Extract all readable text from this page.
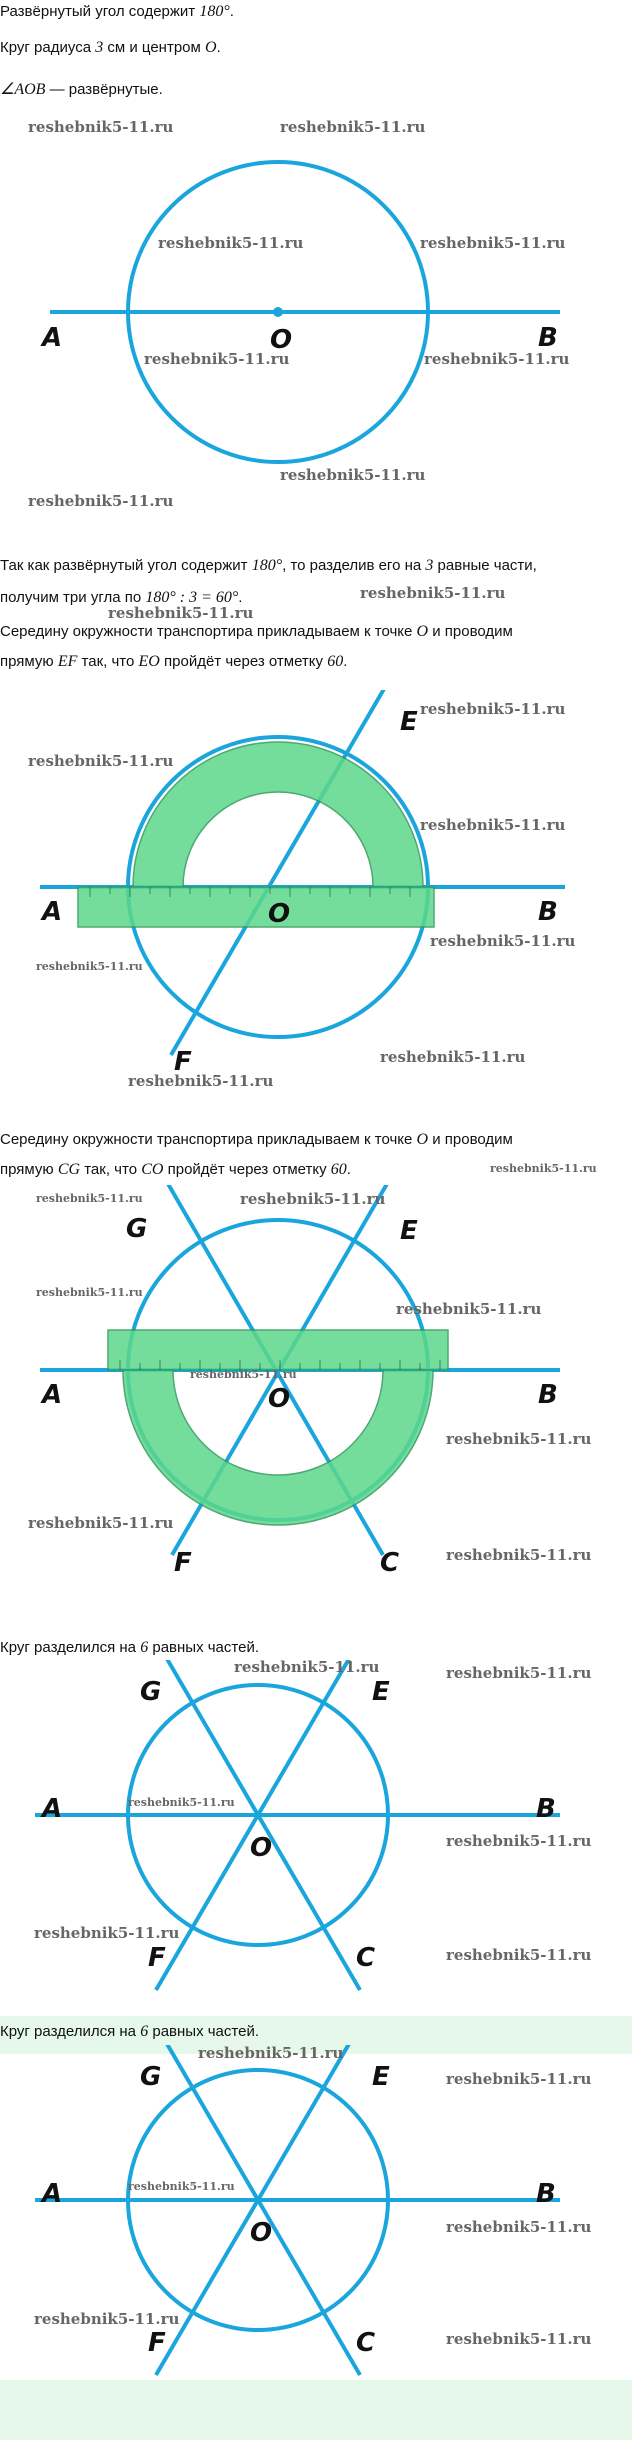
Развёрнутый угол содержит 180°.
Круг радиуса 3 см и центром O.
∠AOB — развёрнутые.
A	B
O
reshebnik5-11.ru	reshebnik5-11.ru
reshebnik5-11.ru	reshebnik5-11.ru
reshebnik5-11.ru	reshebnik5-11.ru
reshebnik5-11.ru
reshebnik5-11.ru
Так как развёрнутый угол содержит 180°, то разделив его на 3 равные части,
получим три угла по 180° : 3 = 60°.	reshebnik5-11.ru
reshebnik5-11.ru
Середину окружности транспортира прикладываем к точке O и проводим
прямую EF так, что EO пройдёт через отметку 60.
A	B
O
E
F
reshebnik5-11.ru
reshebnik5-11.ru
reshebnik5-11.ru
reshebnik5-11.ru
reshebnik5-11.ru
reshebnik5-11.ru
reshebnik5-11.ru
Середину окружности транспортира прикладываем к точке O и проводим
прямую CG так, что CO пройдёт через отметку 60.	reshebnik5-11.ru
A	B
O
E
G
F	C
reshebnik5-11.ru	reshebnik5-11.ru
reshebnik5-11.ru
reshebnik5-11.ru
reshebnik5-11.ru
reshebnik5-11.ru
reshebnik5-11.ru
reshebnik5-11.ru
Круг разделился на 6 равных частей.
A	B
O
E
G
F	C
reshebnik5-11.ru	reshebnik5-11.ru
reshebnik5-11.ru
reshebnik5-11.ru
reshebnik5-11.ru
reshebnik5-11.ru
Круг разделился на 6 равных частей.
A	B
O
E
G
F	C
reshebnik5-11.ru
reshebnik5-11.ru
reshebnik5-11.ru
reshebnik5-11.ru
reshebnik5-11.ru
reshebnik5-11.ru
